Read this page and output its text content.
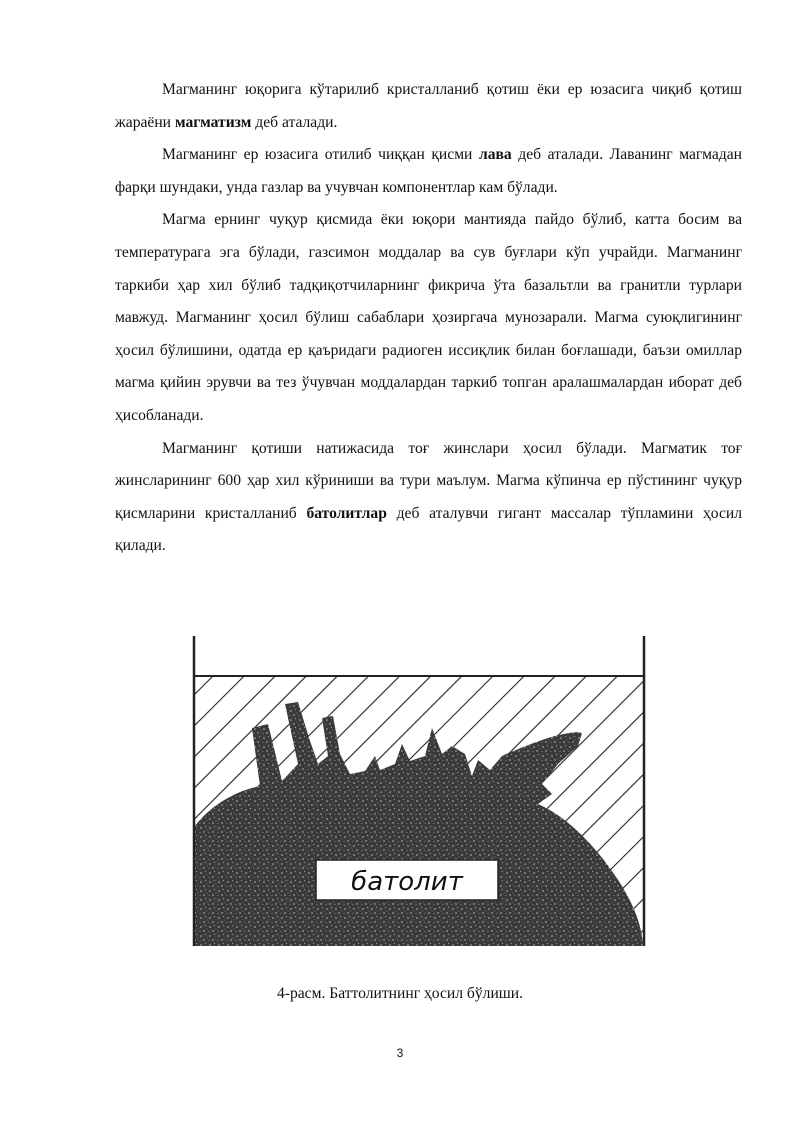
Магманинг юқорига кўтарилиб кристалланиб қотиш ёки ер юзасига чиқиб қотиш жараёни магматизм деб аталади.

Магманинг ер юзасига отилиб чиққан қисми лава деб аталади. Лаванинг магмадан фарқи шундаки, унда газлар ва учувчан компонентлар кам бўлади.

Магма ернинг чуқур қисмида ёки юқори мантияда пайдо бўлиб, катта босим ва температурага эга бўлади, газсимон моддалар ва сув буғлари кўп учрайди. Магманинг таркиби ҳар хил бўлиб тадқиқотчиларнинг фикрича ўта базальтли ва гранитли турлари мавжуд. Магманинг ҳосил бўлиш сабаблари ҳозиргача мунозарали. Магма суюқлигининг ҳосил бўлишини, одатда ер қаъридаги радиоген иссиқлик билан боғлашади, баъзи омиллар магма қийин эрувчи ва тез ўчувчан моддалардан таркиб топган аралашмалардан иборат деб ҳисобланади.

Магманинг қотиши натижасида тоғ жинслари ҳосил бўлади. Магматик тоғ жинсларининг 600 ҳар хил кўриниши ва тури маълум. Магма кўпинча ер пўстининг чуқур қисмларини кристалланиб батолитлар деб аталувчи гигант массалар тўпламини ҳосил қилади.

батолит
4-расм. Баттолитнинг ҳосил бўлиши.
3
